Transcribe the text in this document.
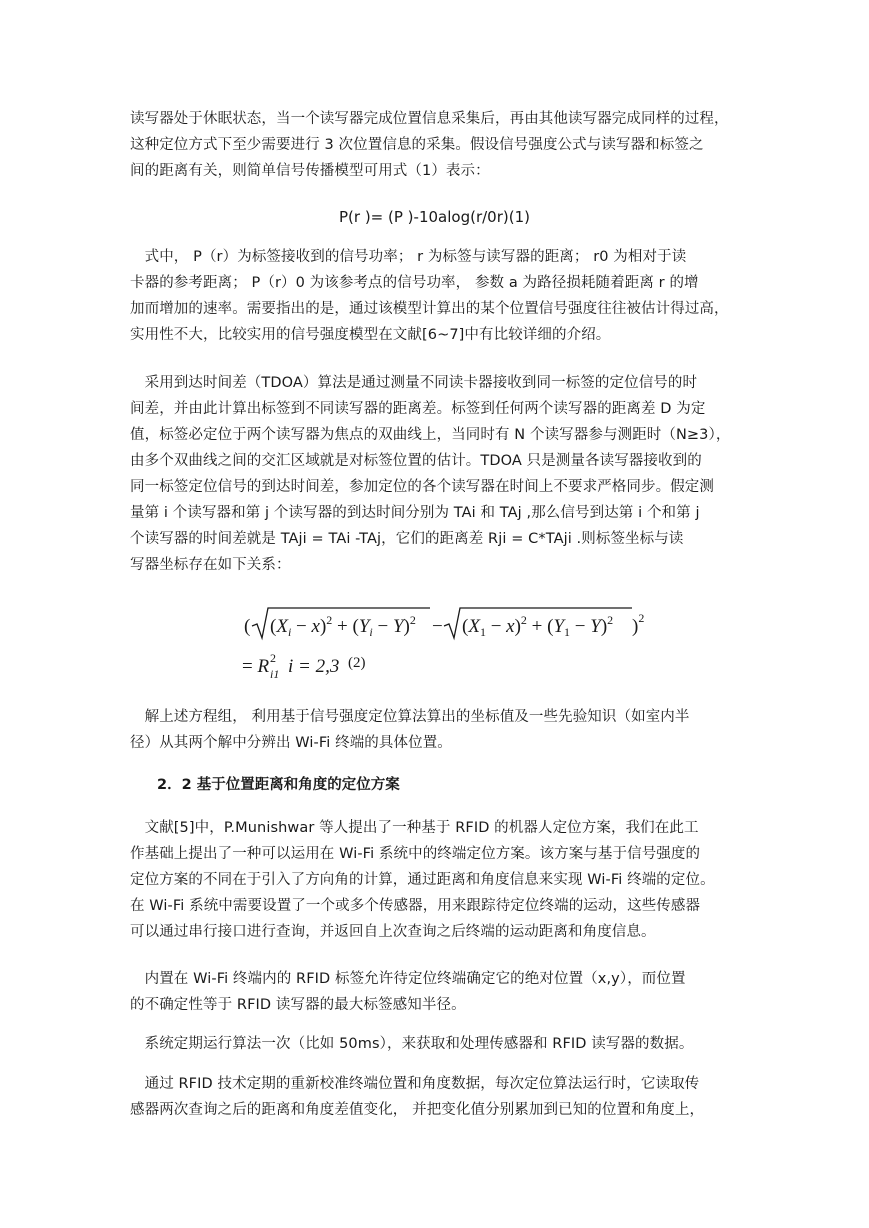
读写器处于休眠状态，当一个读写器完成位置信息采集后，再由其他读写器完成同样的过程，
这种定位方式下至少需要进行 3 次位置信息的采集。假设信号强度公式与读写器和标签之
间的距离有关，则简单信号传播模型可用式（1）表示：
P(r )= (P )-10alog(r/0r)(1)
　式中， P（r）为标签接收到的信号功率； r 为标签与读写器的距离； r0 为相对于读
卡器的参考距离； P（r）0 为该参考点的信号功率， 参数 a 为路径损耗随着距离 r 的增
加而增加的速率。需要指出的是，通过该模型计算出的某个位置信号强度往往被估计得过高，
实用性不大，比较实用的信号强度模型在文献[6~7]中有比较详细的介绍。
　采用到达时间差（TDOA）算法是通过测量不同读卡器接收到同一标签的定位信号的时
间差，并由此计算出标签到不同读写器的距离差。标签到任何两个读写器的距离差 D 为定
值，标签必定位于两个读写器为焦点的双曲线上，当同时有 N 个读写器参与测距时（N≥3），
由多个双曲线之间的交汇区域就是对标签位置的估计。TDOA 只是测量各读写器接收到的
同一标签定位信号的到达时间差，参加定位的各个读写器在时间上不要求严格同步。假定测
量第 i 个读写器和第 j 个读写器的到达时间分别为 TAi 和 TAj ,那么信号到达第 i 个和第 j
个读写器的时间差就是 TAji = TAi -TAj，它们的距离差 Rji = C*TAji .则标签坐标与读
写器坐标存在如下关系：
( $(X_i - x)^2 + (Y_i - Y)^2 - (X_1 - x)^2 + (Y_1 - Y)^2$ )$^2$
= R 2
i1 i = 2,3 (2)
　解上述方程组， 利用基于信号强度定位算法算出的坐标值及一些先验知识（如室内半
径）从其两个解中分辨出 Wi-Fi 终端的具体位置。
2．2 基于位置距离和角度的定位方案
　文献[5]中，P.Munishwar 等人提出了一种基于 RFID 的机器人定位方案，我们在此工
作基础上提出了一种可以运用在 Wi-Fi 系统中的终端定位方案。该方案与基于信号强度的
定位方案的不同在于引入了方向角的计算，通过距离和角度信息来实现 Wi-Fi 终端的定位。
在 Wi-Fi 系统中需要设置了一个或多个传感器，用来跟踪待定位终端的运动，这些传感器
可以通过串行接口进行查询，并返回自上次查询之后终端的运动距离和角度信息。
　内置在 Wi-Fi 终端内的 RFID 标签允许待定位终端确定它的绝对位置（x,y），而位置
的不确定性等于 RFID 读写器的最大标签感知半径。
　系统定期运行算法一次（比如 50ms），来获取和处理传感器和 RFID 读写器的数据。
　通过 RFID 技术定期的重新校准终端位置和角度数据，每次定位算法运行时，它读取传
感器两次查询之后的距离和角度差值变化， 并把变化值分别累加到已知的位置和角度上，
